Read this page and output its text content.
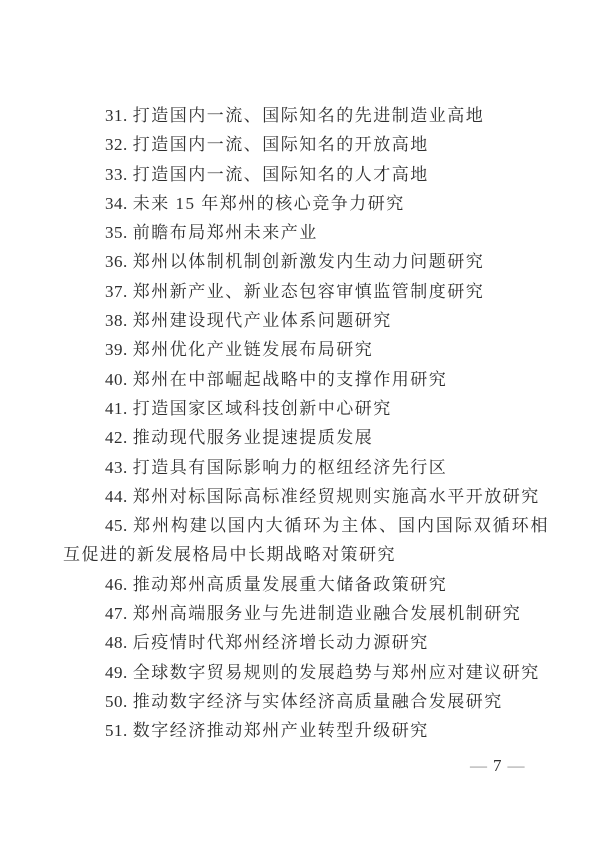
31. 打造国内一流、国际知名的先进制造业高地

32. 打造国内一流、国际知名的开放高地

33. 打造国内一流、国际知名的人才高地

34. 未来 15 年郑州的核心竞争力研究

35. 前瞻布局郑州未来产业

36. 郑州以体制机制创新激发内生动力问题研究

37. 郑州新产业、新业态包容审慎监管制度研究

38. 郑州建设现代产业体系问题研究

39. 郑州优化产业链发展布局研究

40. 郑州在中部崛起战略中的支撑作用研究

41. 打造国家区域科技创新中心研究

42. 推动现代服务业提速提质发展

43. 打造具有国际影响力的枢纽经济先行区

44. 郑州对标国际高标准经贸规则实施高水平开放研究

45. 郑州构建以国内大循环为主体、国内国际双循环相互促进的新发展格局中长期战略对策研究

46. 推动郑州高质量发展重大储备政策研究

47. 郑州高端服务业与先进制造业融合发展机制研究

48. 后疫情时代郑州经济增长动力源研究

49. 全球数字贸易规则的发展趋势与郑州应对建议研究

50. 推动数字经济与实体经济高质量融合发展研究

51. 数字经济推动郑州产业转型升级研究

— 7 —
